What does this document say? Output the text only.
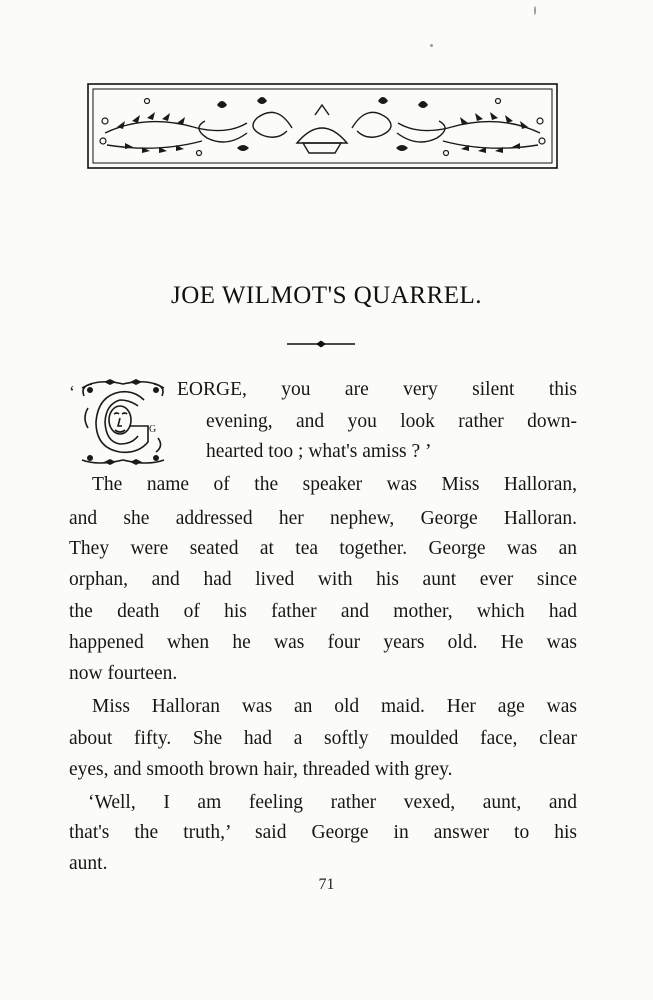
JOE WILMOT'S QUARREL.
‘
G
EORGE, you are very silent this
evening, and you look rather down-
hearted too ; what's amiss ? ’
The name of the speaker was Miss Halloran,
and she addressed her nephew, George Halloran.
They were seated at tea together. George was an
orphan, and had lived with his aunt ever since
the death of his father and mother, which had
happened when he was four years old. He was
now fourteen.
Miss Halloran was an old maid. Her age was
about fifty. She had a softly moulded face, clear
eyes, and smooth brown hair, threaded with grey.
‘Well, I am feeling rather vexed, aunt, and
that's the truth,’ said George in answer to his
aunt.
71
